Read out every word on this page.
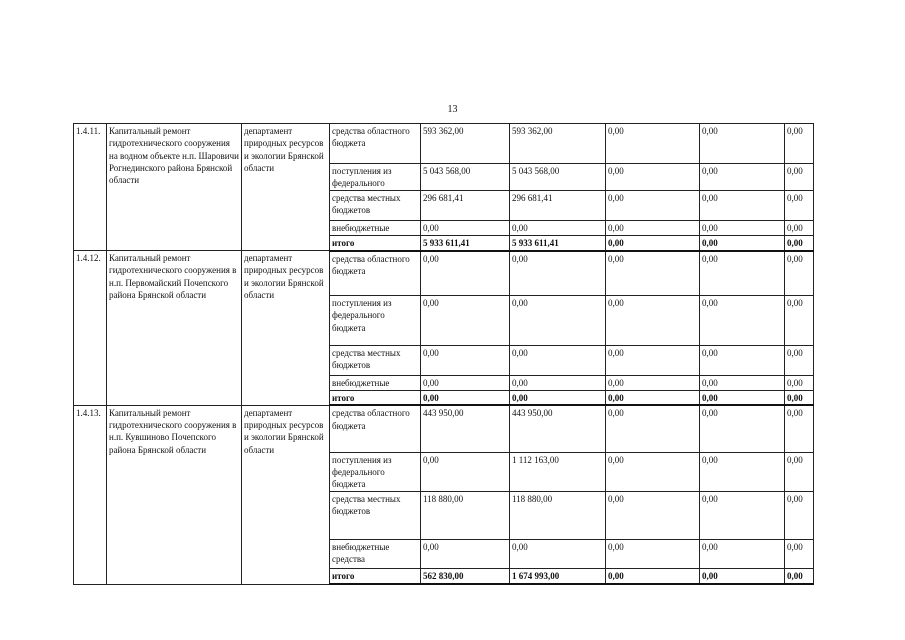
13
1.4.11.	Капитальный ремонт гидротехнического сооружения на водном объекте н.п. Шаровичи Рогнединского района Брянской области	департамент природных ресурсов и экологии Брянской области	средства областного бюджета	593 362,00	593 362,00	0,00	0,00	0,00
			поступления из федерального	5 043 568,00	5 043 568,00	0,00	0,00	0,00
			средства местных бюджетов	296 681,41	296 681,41	0,00	0,00	0,00
			внебюджетные	0,00	0,00	0,00	0,00	0,00
			итого	5 933 611,41	5 933 611,41	0,00	0,00	0,00
1.4.12.	Капитальный ремонт гидротехнического сооружения в н.п. Первомайский Почепского района Брянской области	департамент природных ресурсов и экологии Брянской области	средства областного бюджета	0,00	0,00	0,00	0,00	0,00
			поступления из федерального бюджета	0,00	0,00	0,00	0,00	0,00
			средства местных бюджетов	0,00	0,00	0,00	0,00	0,00
			внебюджетные	0,00	0,00	0,00	0,00	0,00
			итого	0,00	0,00	0,00	0,00	0,00
1.4.13.	Капитальный ремонт гидротехнического сооружения в н.п. Кувшиново Почепского района Брянской области	департамент природных ресурсов и экологии Брянской области	средства областного бюджета	443 950,00	443 950,00	0,00	0,00	0,00
			поступления из федерального бюджета	0,00	1 112 163,00	0,00	0,00	0,00
			средства местных бюджетов	118 880,00	118 880,00	0,00	0,00	0,00
			внебюджетные средства	0,00	0,00	0,00	0,00	0,00
			итого	562 830,00	1 674 993,00	0,00	0,00	0,00
